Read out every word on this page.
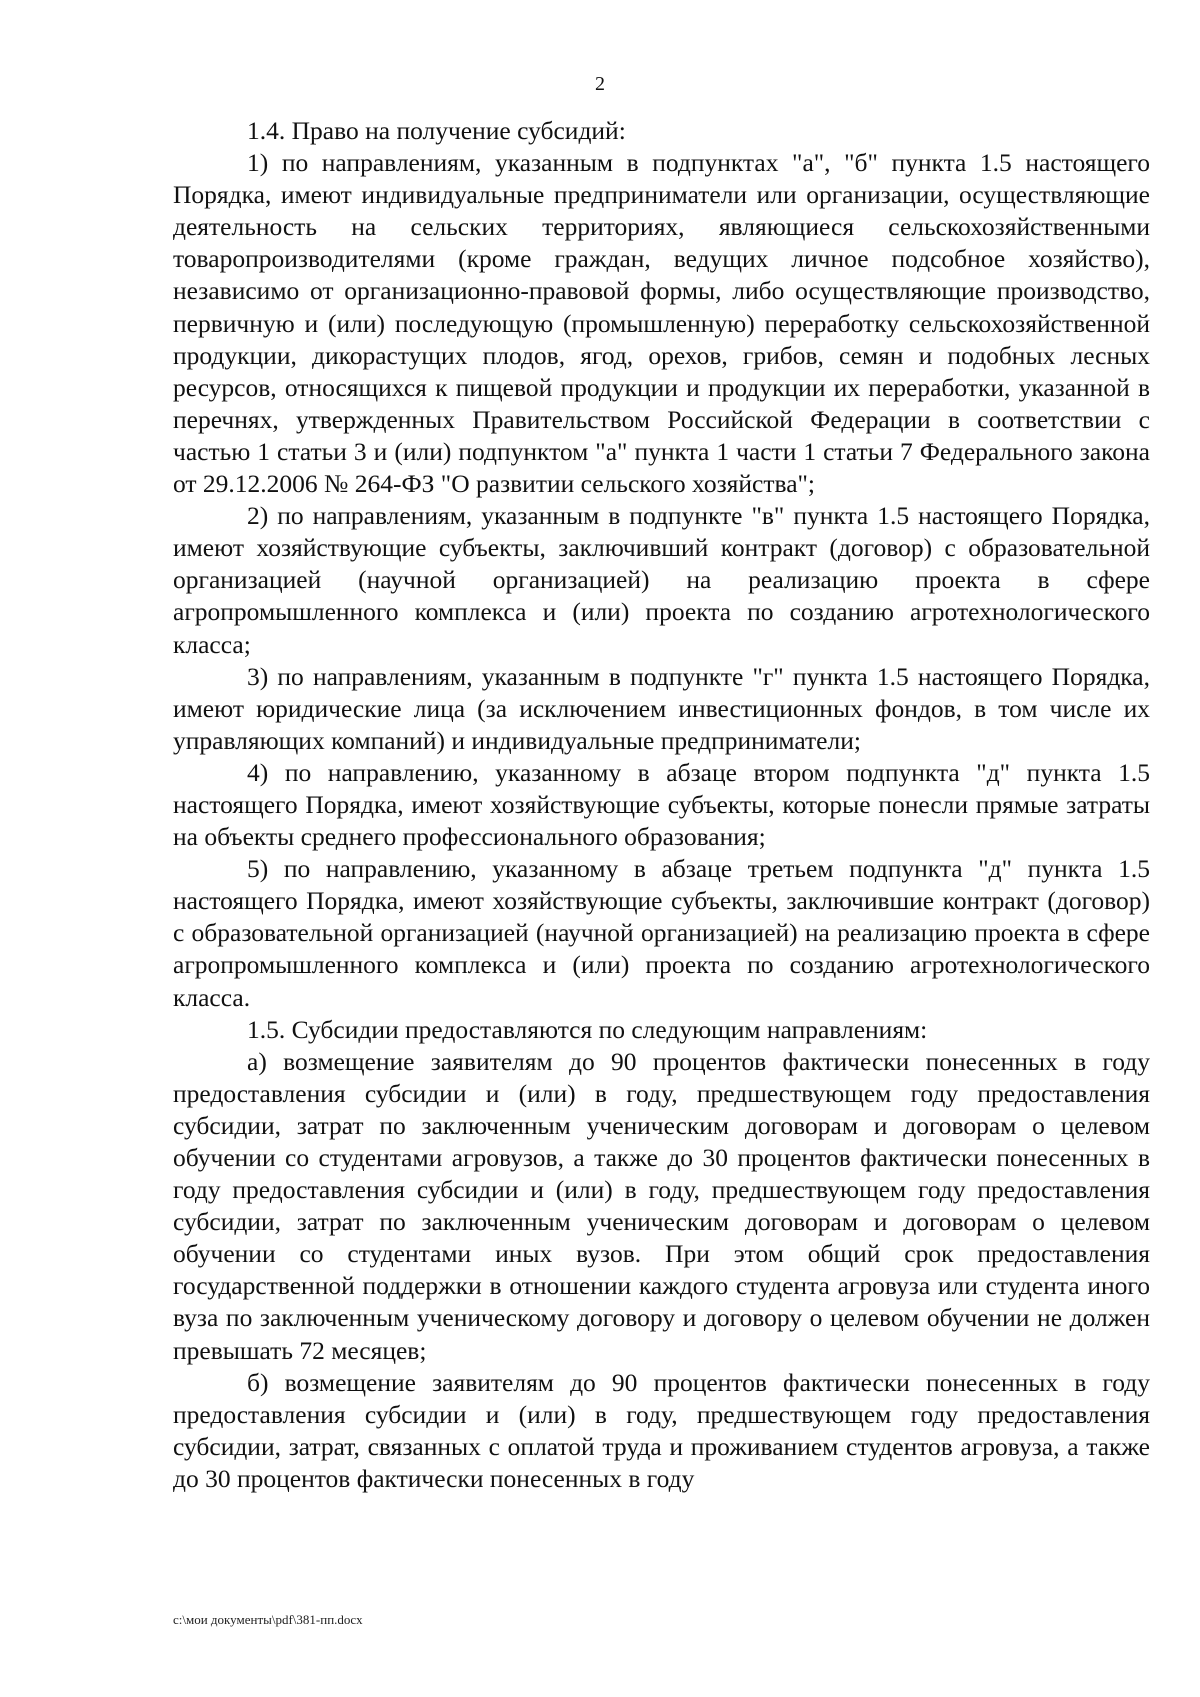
2

1.4. Право на получение субсидий:

1) по направлениям, указанным в подпунктах "а", "б" пункта 1.5 настоящего Порядка, имеют индивидуальные предприниматели или организации, осуществляющие деятельность на сельских территориях, являющиеся сельскохозяйственными товаропроизводителями (кроме граждан, ведущих личное подсобное хозяйство), независимо от организационно-правовой формы, либо осуществляющие производство, первичную и (или) последующую (промышленную) переработку сельскохозяйственной продукции, дикорастущих плодов, ягод, орехов, грибов, семян и подобных лесных ресурсов, относящихся к пищевой продукции и продукции их переработки, указанной в перечнях, утвержденных Правительством Российской Федерации в соответствии с частью 1 статьи 3 и (или) подпунктом "а" пункта 1 части 1 статьи 7 Федерального закона от 29.12.2006 № 264-ФЗ "О развитии сельского хозяйства";

2) по направлениям, указанным в подпункте "в" пункта 1.5 настоящего Порядка, имеют хозяйствующие субъекты, заключивший контракт (договор) с образовательной организацией (научной организацией) на реализацию проекта в сфере агропромышленного комплекса и (или) проекта по созданию агротехнологического класса;

3) по направлениям, указанным в подпункте "г" пункта 1.5 настоящего Порядка, имеют юридические лица (за исключением инвестиционных фондов, в том числе их управляющих компаний) и индивидуальные предприниматели;

4) по направлению, указанному в абзаце втором подпункта "д" пункта 1.5 настоящего Порядка, имеют хозяйствующие субъекты, которые понесли прямые затраты на объекты среднего профессионального образования;

5) по направлению, указанному в абзаце третьем подпункта "д" пункта 1.5 настоящего Порядка, имеют хозяйствующие субъекты, заключившие контракт (договор) с образовательной организацией (научной организацией) на реализацию проекта в сфере агропромышленного комплекса и (или) проекта по созданию агротехнологического класса.

1.5. Субсидии предоставляются по следующим направлениям:

а) возмещение заявителям до 90 процентов фактически понесенных в году предоставления субсидии и (или) в году, предшествующем году предоставления субсидии, затрат по заключенным ученическим договорам и договорам о целевом обучении со студентами агровузов, а также до 30 процентов фактически понесенных в году предоставления субсидии и (или) в году, предшествующем году предоставления субсидии, затрат по заключенным ученическим договорам и договорам о целевом обучении со студентами иных вузов. При этом общий срок предоставления государственной поддержки в отношении каждого студента агровуза или студента иного вуза по заключенным ученическому договору и договору о целевом обучении не должен превышать 72 месяцев;

б) возмещение заявителям до 90 процентов фактически понесенных в году предоставления субсидии и (или) в году, предшествующем году предоставления субсидии, затрат, связанных с оплатой труда и проживанием студентов агровуза, а также до 30 процентов фактически понесенных в году

c:\мои документы\pdf\381-пп.docx
